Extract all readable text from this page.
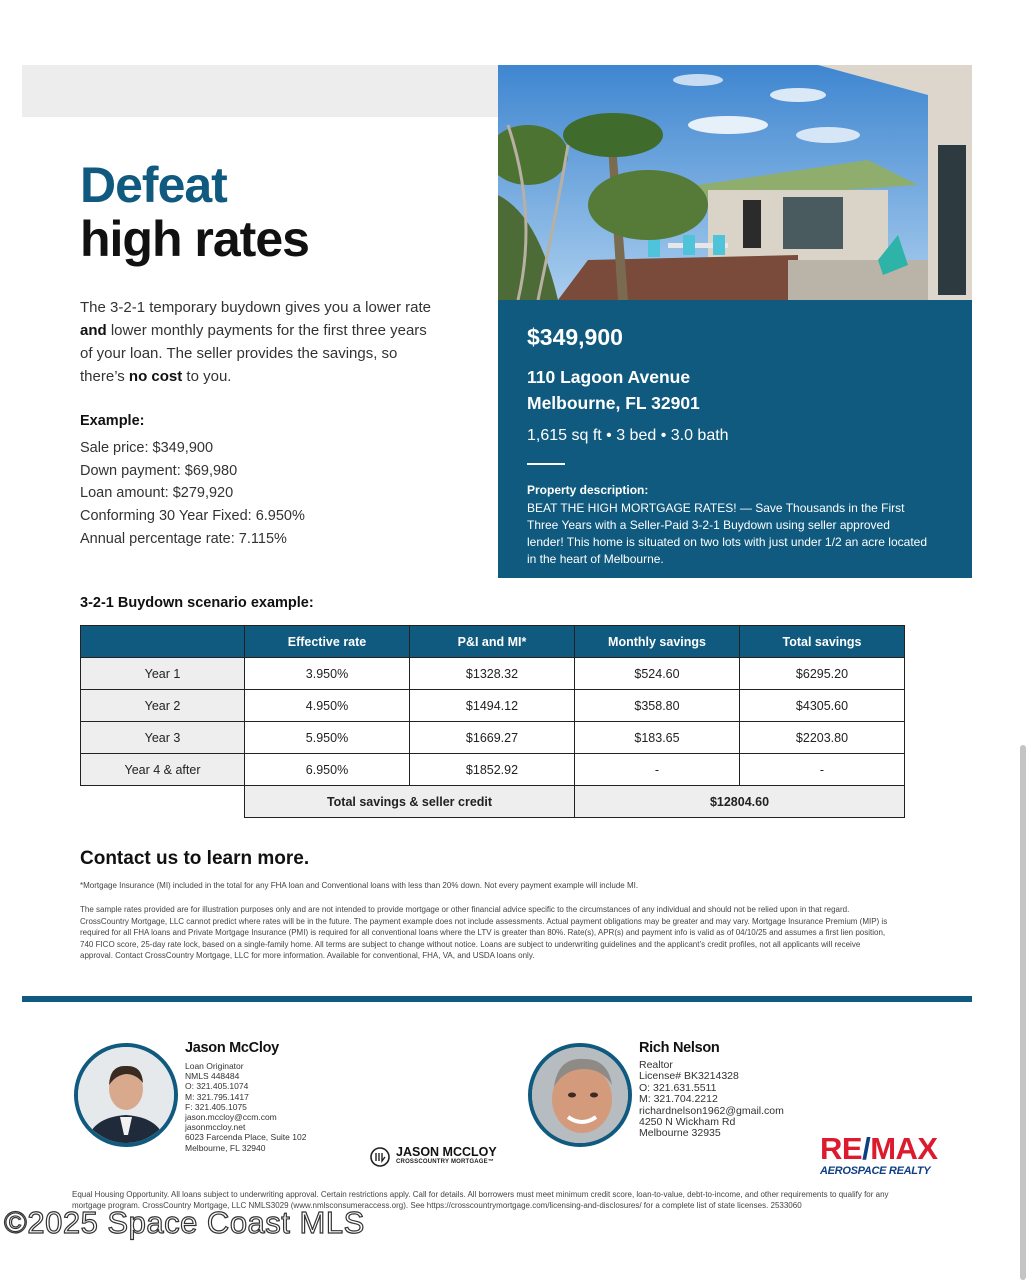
Defeat
high rates
The 3-2-1 temporary buydown gives you a lower rate and lower monthly payments for the first three years of your loan. The seller provides the savings, so there’s no cost to you.
Example:
Sale price: $349,900
Down payment: $69,980
Loan amount: $279,920
Conforming 30 Year Fixed: 6.950%
Annual percentage rate: 7.115%
$349,900
110 Lagoon Avenue
Melbourne, FL 32901
1,615 sq ft • 3 bed • 3.0 bath
Property description:
BEAT THE HIGH MORTGAGE RATES! — Save Thousands in the First Three Years with a Seller-Paid 3-2-1 Buydown using seller approved lender! This home is situated on two lots with just under 1/2 an acre located in the heart of Melbourne.
3-2-1 Buydown scenario example:
	Effective rate	P&I and MI*	Monthly savings	Total savings
Year 1	3.950%	$1328.32	$524.60	$6295.20
Year 2	4.950%	$1494.12	$358.80	$4305.60
Year 3	5.950%	$1669.27	$183.65	$2203.80
Year 4 & after	6.950%	$1852.92	-	-
	Total savings & seller credit		$12804.60	
Contact us to learn more.
*Mortgage Insurance (MI) included in the total for any FHA loan and Conventional loans with less than 20% down. Not every payment example will include MI.
The sample rates provided are for illustration purposes only and are not intended to provide mortgage or other financial advice specific to the circumstances of any individual and should not be relied upon in that regard. CrossCountry Mortgage, LLC cannot predict where rates will be in the future. The payment example does not include assessments. Actual payment obligations may be greater and may vary. Mortgage Insurance Premium (MIP) is required for all FHA loans and Private Mortgage Insurance (PMI) is required for all conventional loans where the LTV is greater than 80%. Rate(s), APR(s) and payment info is valid as of 04/10/25 and assumes a first lien position, 740 FICO score, 25-day rate lock, based on a single-family home. All terms are subject to change without notice. Loans are subject to underwriting guidelines and the applicant’s credit profiles, not all applicants will receive approval. Contact CrossCountry Mortgage, LLC for more information. Available for conventional, FHA, VA, and USDA loans only.
Jason McCloy
Loan Originator
NMLS 448484
O: 321.405.1074
M: 321.795.1417
F: 321.405.1075
jason.mccloy@ccm.com
jasonmccloy.net
6023 Farcenda Place, Suite 102
Melbourne, FL 32940
Rich Nelson
Realtor
License# BK3214328
O: 321.631.5511
M: 321.704.2212
richardnelson1962@gmail.com
4250 N Wickham Rd
Melbourne 32935
JASON MCCLOY
CROSSCOUNTRY MORTGAGE™	RE/MAX
AEROSPACE REALTY
Equal Housing Opportunity. All loans subject to underwriting approval. Certain restrictions apply. Call for details. All borrowers must meet minimum credit score, loan-to-value, debt-to-income, and other requirements to qualify for any mortgage program. CrossCountry Mortgage, LLC NMLS3029 (www.nmlsconsumeraccess.org). See https://crosscountrymortgage.com/licensing-and-disclosures/ for a complete list of state licenses. 2533060
©2025 Space Coast MLS
